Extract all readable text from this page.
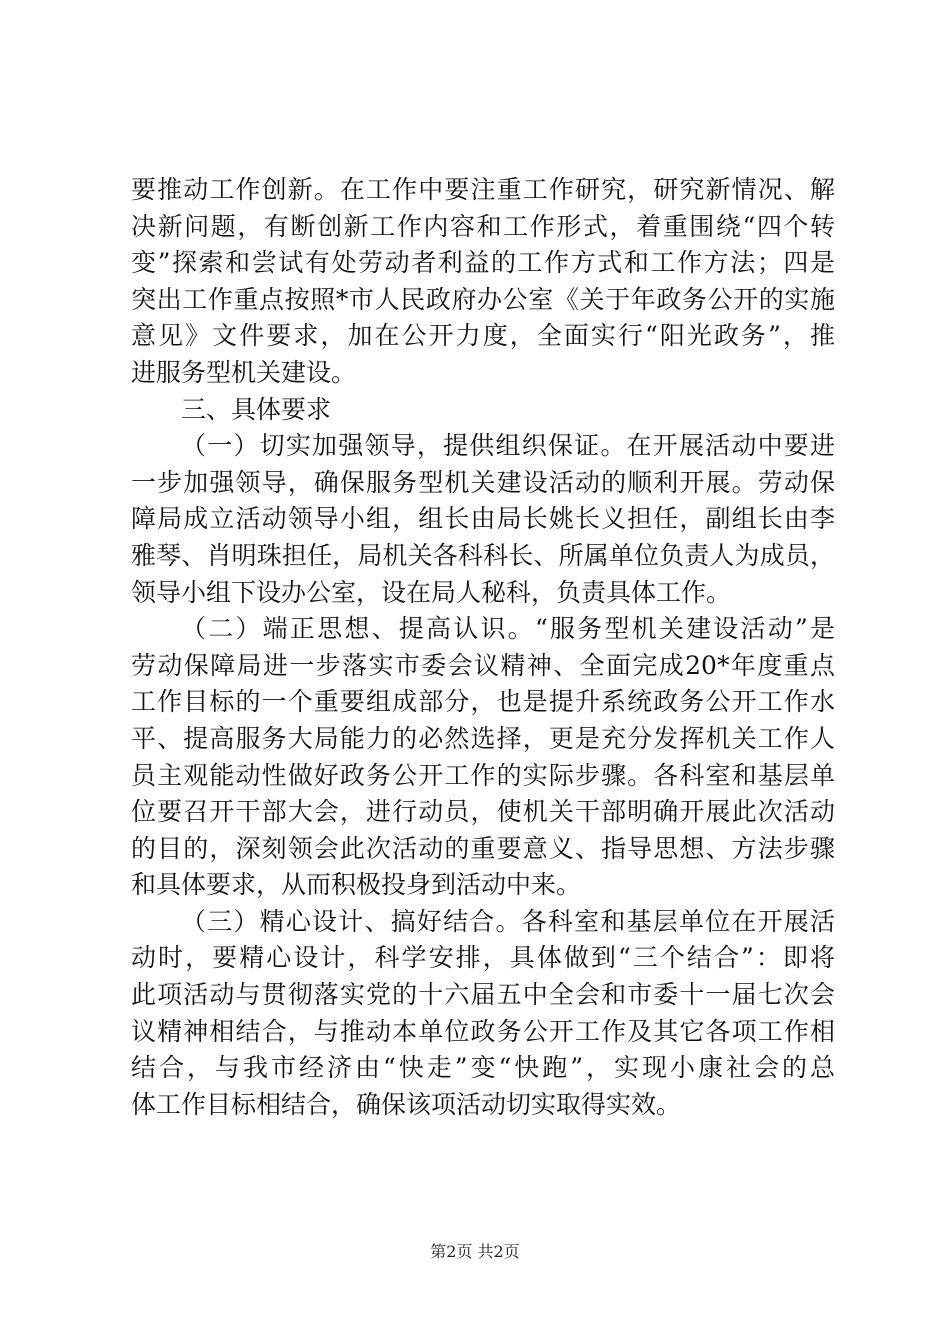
要推动工作创新。在工作中要注重工作研究，研究新情况、解
决新问题，有断创新工作内容和工作形式，着重围绕“四个转
变”探索和尝试有处劳动者利益的工作方式和工作方法；四是
突出工作重点按照*市人民政府办公室《关于年政务公开的实施
意见》文件要求，加在公开力度，全面实行“阳光政务”，推
进服务型机关建设。
三、具体要求
（一）切实加强领导，提供组织保证。在开展活动中要进
一步加强领导，确保服务型机关建设活动的顺利开展。劳动保
障局成立活动领导小组，组长由局长姚长义担任，副组长由李
雅琴、肖明珠担任，局机关各科科长、所属单位负责人为成员，
领导小组下设办公室，设在局人秘科，负责具体工作。
（二）端正思想、提高认识。“服务型机关建设活动”是
劳动保障局进一步落实市委会议精神、全面完成20*年度重点
工作目标的一个重要组成部分，也是提升系统政务公开工作水
平、提高服务大局能力的必然选择，更是充分发挥机关工作人
员主观能动性做好政务公开工作的实际步骤。各科室和基层单
位要召开干部大会，进行动员，使机关干部明确开展此次活动
的目的，深刻领会此次活动的重要意义、指导思想、方法步骤
和具体要求，从而积极投身到活动中来。
（三）精心设计、搞好结合。各科室和基层单位在开展活
动时，要精心设计，科学安排，具体做到“三个结合”：即将
此项活动与贯彻落实党的十六届五中全会和市委十一届七次会
议精神相结合，与推动本单位政务公开工作及其它各项工作相
结合，与我市经济由“快走”变“快跑”，实现小康社会的总
体工作目标相结合，确保该项活动切实取得实效。
第2页 共2页
